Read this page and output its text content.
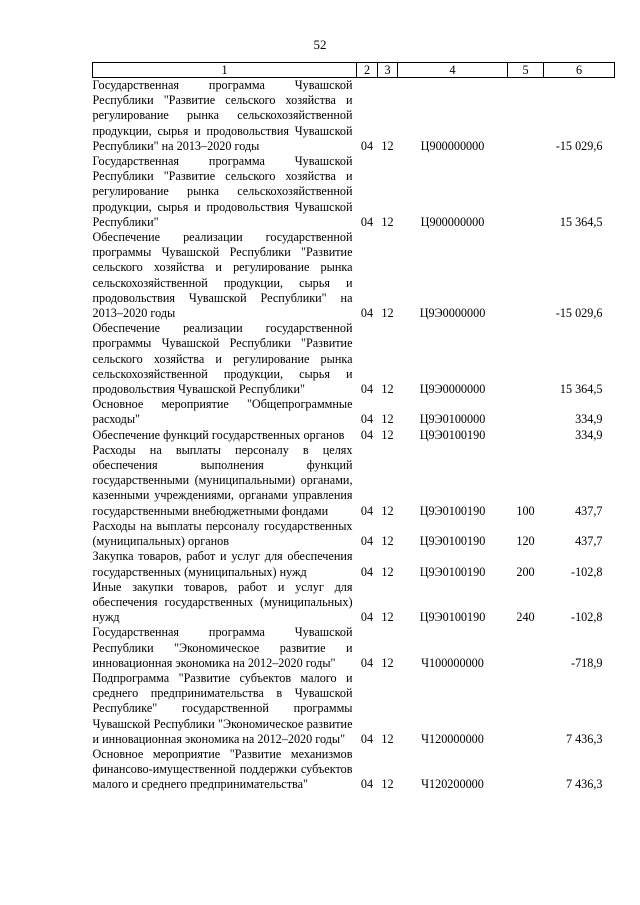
52
1	2	3	4	5	6
Государственная программа Чувашской Республики "Развитие сельского хозяйства и регулирование рынка сельскохозяйственной продукции, сырья и продовольствия Чувашской Республики" на 2013–2020 годы	04	12	Ц900000000		-15 029,6
Государственная программа Чувашской Республики "Развитие сельского хозяйства и регулирование рынка сельскохозяйственной продукции, сырья и продовольствия Чувашской Республики"	04	12	Ц900000000		15 364,5
Обеспечение реализации государственной программы Чувашской Республики "Развитие сельского хозяйства и регулирование рынка сельскохозяйственной продукции, сырья и продовольствия Чувашской Республики" на 2013–2020 годы	04	12	Ц9Э0000000		-15 029,6
Обеспечение реализации государственной программы Чувашской Республики "Развитие сельского хозяйства и регулирование рынка сельскохозяйственной продукции, сырья и продовольствия Чувашской Республики"	04	12	Ц9Э0000000		15 364,5
Основное мероприятие "Общепрограммные расходы"	04	12	Ц9Э0100000		334,9
Обеспечение функций государственных органов	04	12	Ц9Э0100190		334,9
Расходы на выплаты персоналу в целях обеспечения выполнения функций государственными (муниципальными) органами, казенными учреждениями, органами управления государственными внебюджетными фондами	04	12	Ц9Э0100190	100	437,7
Расходы на выплаты персоналу государственных (муниципальных) органов	04	12	Ц9Э0100190	120	437,7
Закупка товаров, работ и услуг для обеспечения государственных (муниципальных) нужд	04	12	Ц9Э0100190	200	-102,8
Иные закупки товаров, работ и услуг для обеспечения государственных (муниципальных) нужд	04	12	Ц9Э0100190	240	-102,8
Государственная программа Чувашской Республики "Экономическое развитие и инновационная экономика на 2012–2020 годы"	04	12	Ч100000000		-718,9
Подпрограмма "Развитие субъектов малого и среднего предпринимательства в Чувашской Республике" государственной программы Чувашской Республики "Экономическое развитие и инновационная экономика на 2012–2020 годы"	04	12	Ч120000000		7 436,3
Основное мероприятие "Развитие механизмов финансово-имущественной поддержки субъектов малого и среднего предпринимательства"	04	12	Ч120200000		7 436,3
